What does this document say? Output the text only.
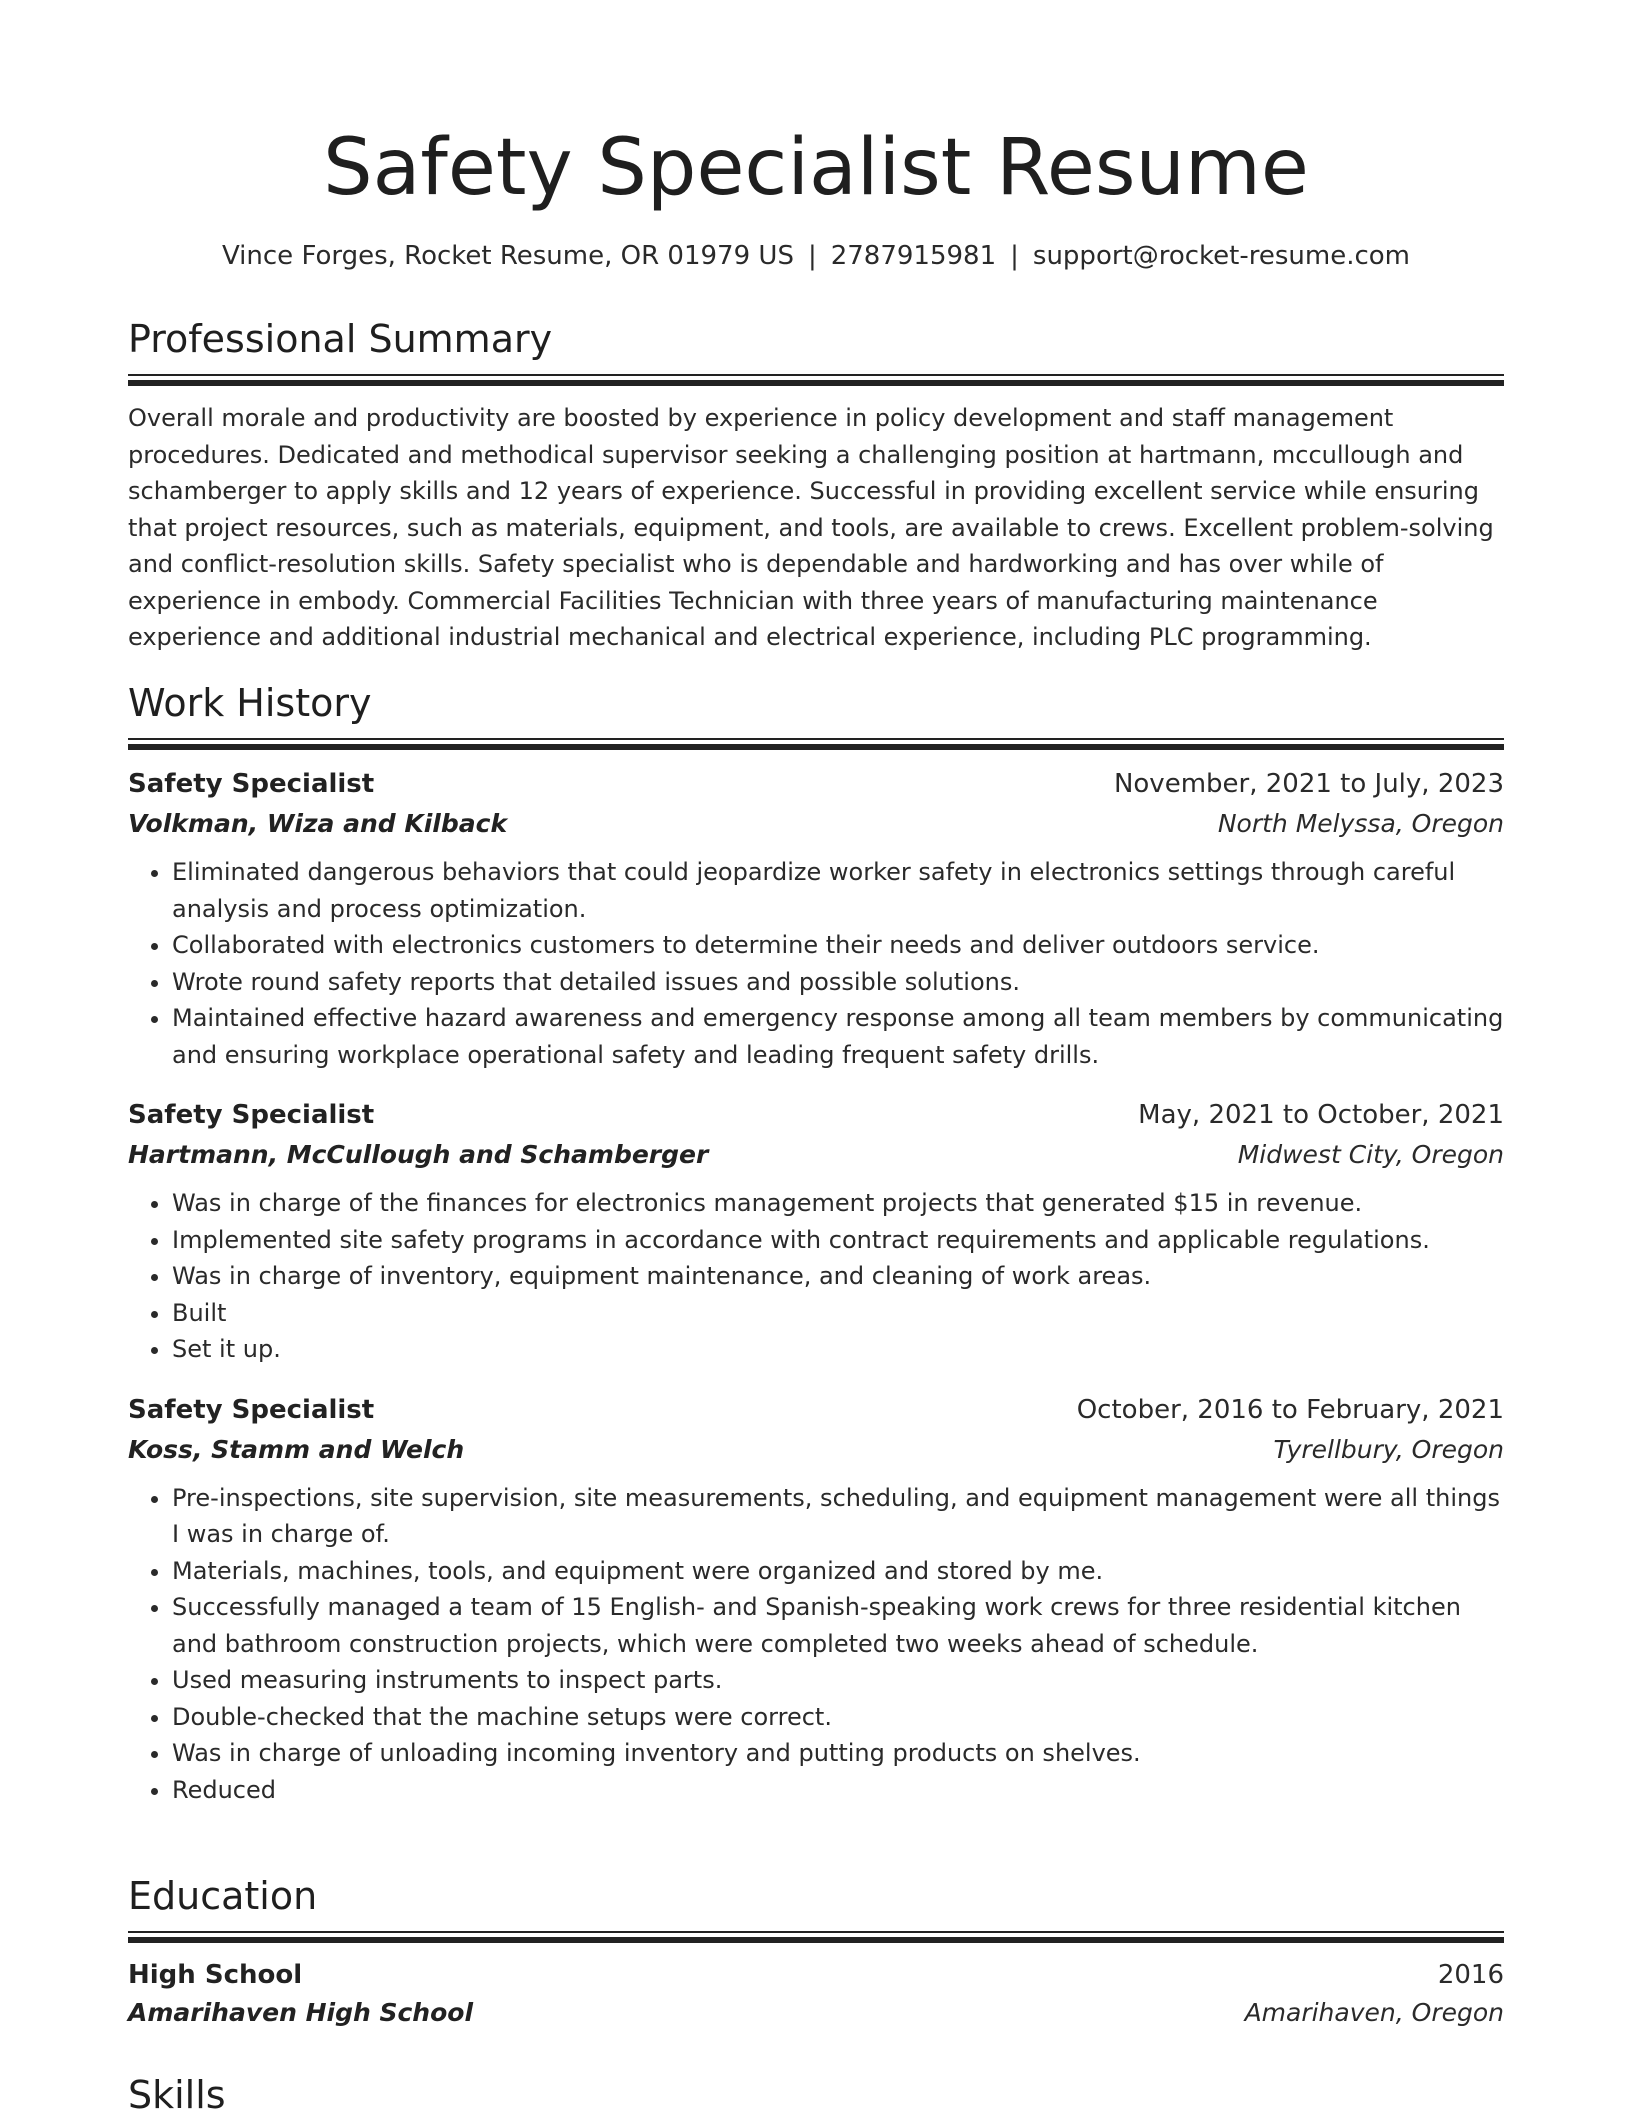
Safety Specialist Resume
Vince Forges, Rocket Resume, OR 01979 US | 2787915981 | support@rocket-resume.com
Professional Summary
Overall morale and productivity are boosted by experience in policy development and staff management procedures. Dedicated and methodical supervisor seeking a challenging position at hartmann, mccullough and schamberger to apply skills and 12 years of experience. Successful in providing excellent service while ensuring that project resources, such as materials, equipment, and tools, are available to crews. Excellent problem-solving and conflict-resolution skills. Safety specialist who is dependable and hardworking and has over while of experience in embody. Commercial Facilities Technician with three years of manufacturing maintenance experience and additional industrial mechanical and electrical experience, including PLC programming.
Work History
Safety Specialist	November, 2021 to July, 2023
Volkman, Wiza and Kilback	North Melyssa, Oregon
• Eliminated dangerous behaviors that could jeopardize worker safety in electronics settings through careful analysis and process optimization.
• Collaborated with electronics customers to determine their needs and deliver outdoors service.
• Wrote round safety reports that detailed issues and possible solutions.
• Maintained effective hazard awareness and emergency response among all team members by communicating and ensuring workplace operational safety and leading frequent safety drills.
Safety Specialist	May, 2021 to October, 2021
Hartmann, McCullough and Schamberger	Midwest City, Oregon
• Was in charge of the finances for electronics management projects that generated $15 in revenue.
• Implemented site safety programs in accordance with contract requirements and applicable regulations.
• Was in charge of inventory, equipment maintenance, and cleaning of work areas.
• Built
• Set it up.
Safety Specialist	October, 2016 to February, 2021
Koss, Stamm and Welch	Tyrellbury, Oregon
• Pre-inspections, site supervision, site measurements, scheduling, and equipment management were all things I was in charge of.
• Materials, machines, tools, and equipment were organized and stored by me.
• Successfully managed a team of 15 English- and Spanish-speaking work crews for three residential kitchen and bathroom construction projects, which were completed two weeks ahead of schedule.
• Used measuring instruments to inspect parts.
• Double-checked that the machine setups were correct.
• Was in charge of unloading incoming inventory and putting products on shelves.
• Reduced
Education
High School	2016
Amarihaven High School	Amarihaven, Oregon
Skills
